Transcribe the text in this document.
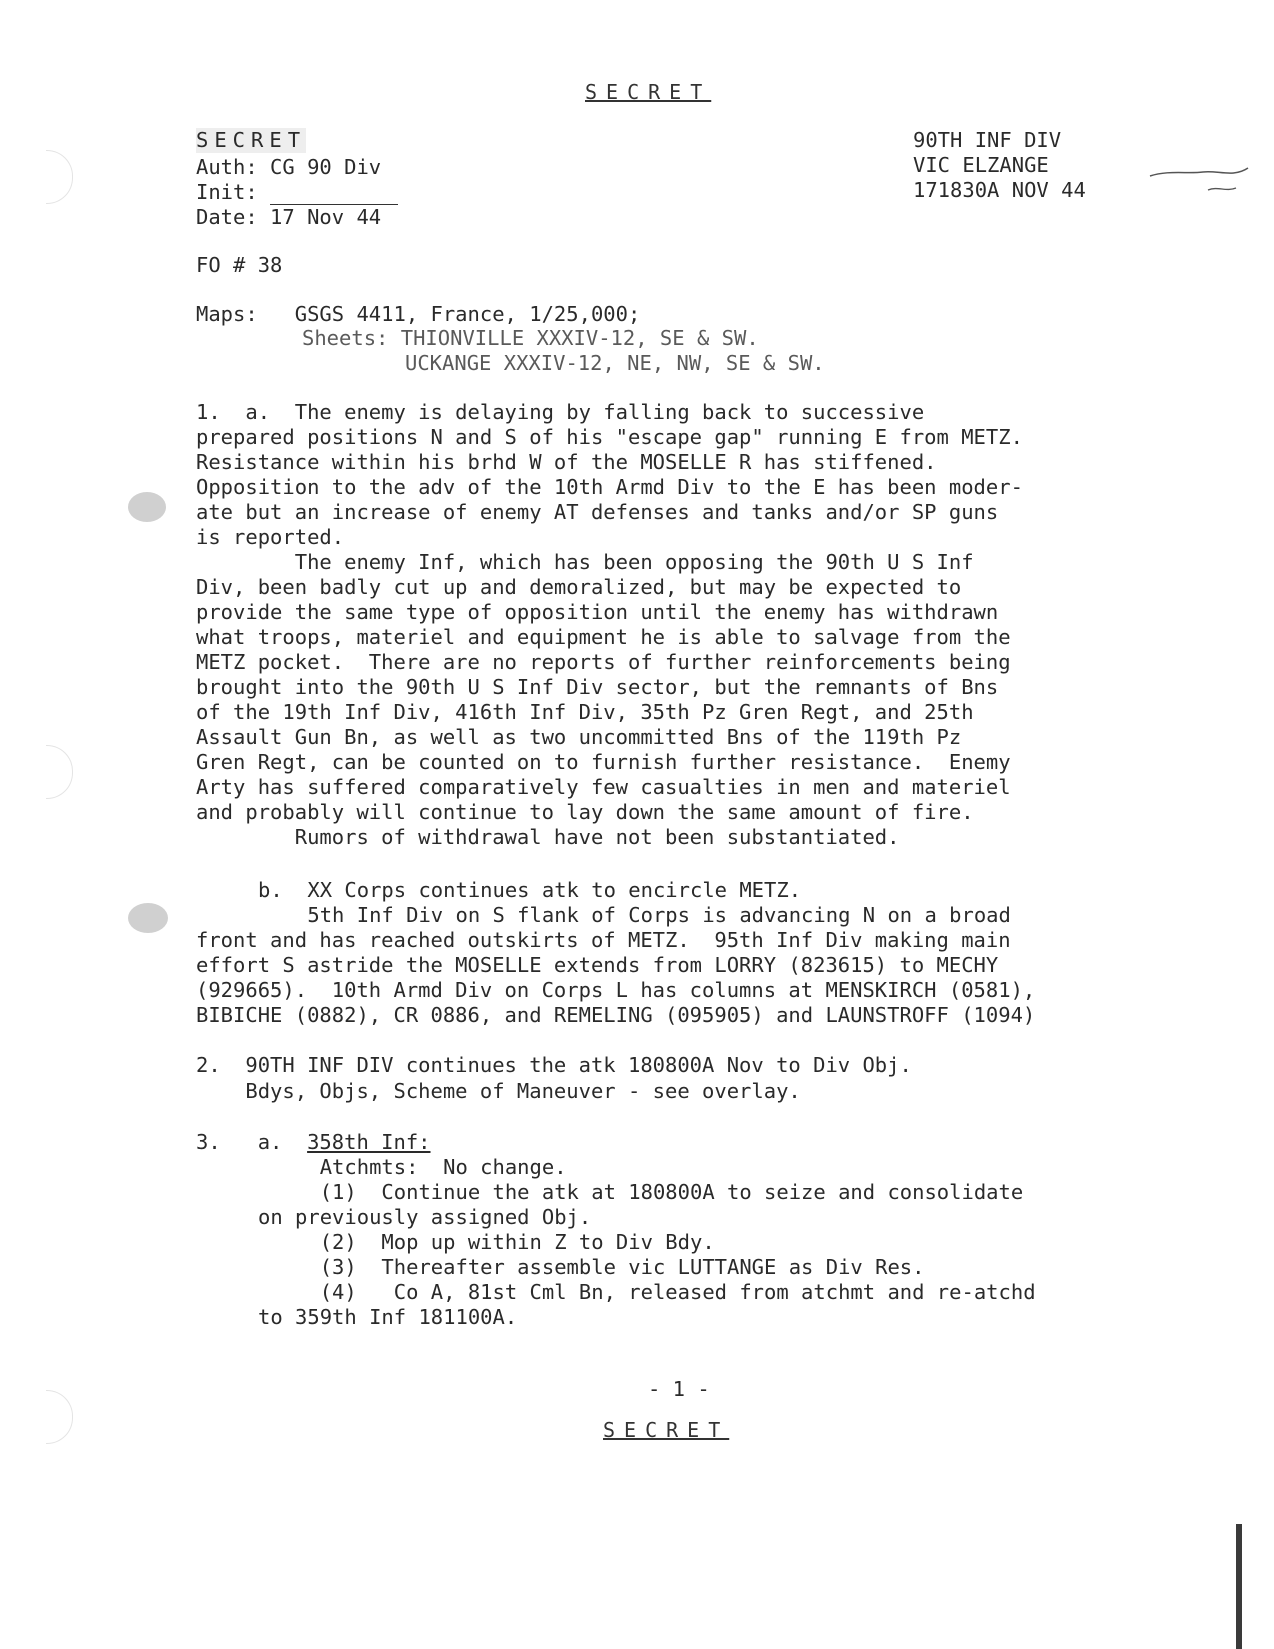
SECRET
SECRET
Auth: CG 90 Div
Init:
Date: 17 Nov 44
90TH INF DIV
VIC ELZANGE
171830A NOV 44
FO # 38
Maps:   GSGS 4411, France, 1/25,000;
Sheets: THIONVILLE XXXIV-12, SE & SW.
UCKANGE XXXIV-12, NE, NW, SE & SW.
1.  a.  The enemy is delaying by falling back to successive
prepared positions N and S of his "escape gap" running E from METZ.
Resistance within his brhd W of the MOSELLE R has stiffened.
Opposition to the adv of the 10th Armd Div to the E has been moder-
ate but an increase of enemy AT defenses and tanks and/or SP guns
is reported.
The enemy Inf, which has been opposing the 90th U S Inf
Div, been badly cut up and demoralized, but may be expected to
provide the same type of opposition until the enemy has withdrawn
what troops, materiel and equipment he is able to salvage from the
METZ pocket.  There are no reports of further reinforcements being
brought into the 90th U S Inf Div sector, but the remnants of Bns
of the 19th Inf Div, 416th Inf Div, 35th Pz Gren Regt, and 25th
Assault Gun Bn, as well as two uncommitted Bns of the 119th Pz
Gren Regt, can be counted on to furnish further resistance.  Enemy
Arty has suffered comparatively few casualties in men and materiel
and probably will continue to lay down the same amount of fire.
Rumors of withdrawal have not been substantiated.
b.  XX Corps continues atk to encircle METZ.
5th Inf Div on S flank of Corps is advancing N on a broad
front and has reached outskirts of METZ.  95th Inf Div making main
effort S astride the MOSELLE extends from LORRY (823615) to MECHY
(929665).  10th Armd Div on Corps L has columns at MENSKIRCH (0581),
BIBICHE (0882), CR 0886, and REMELING (095905) and LAUNSTROFF (1094)
2.  90TH INF DIV continues the atk 180800A Nov to Div Obj.
Bdys, Objs, Scheme of Maneuver - see overlay.
3.   a. 358th Inf:
Atchmts:  No change.
(1)  Continue the atk at 180800A to seize and consolidate
on previously assigned Obj.
(2)  Mop up within Z to Div Bdy.
(3)  Thereafter assemble vic LUTTANGE as Div Res.
(4)   Co A, 81st Cml Bn, released from atchmt and re-atchd
to 359th Inf 181100A.
- 1 -
SECRET
